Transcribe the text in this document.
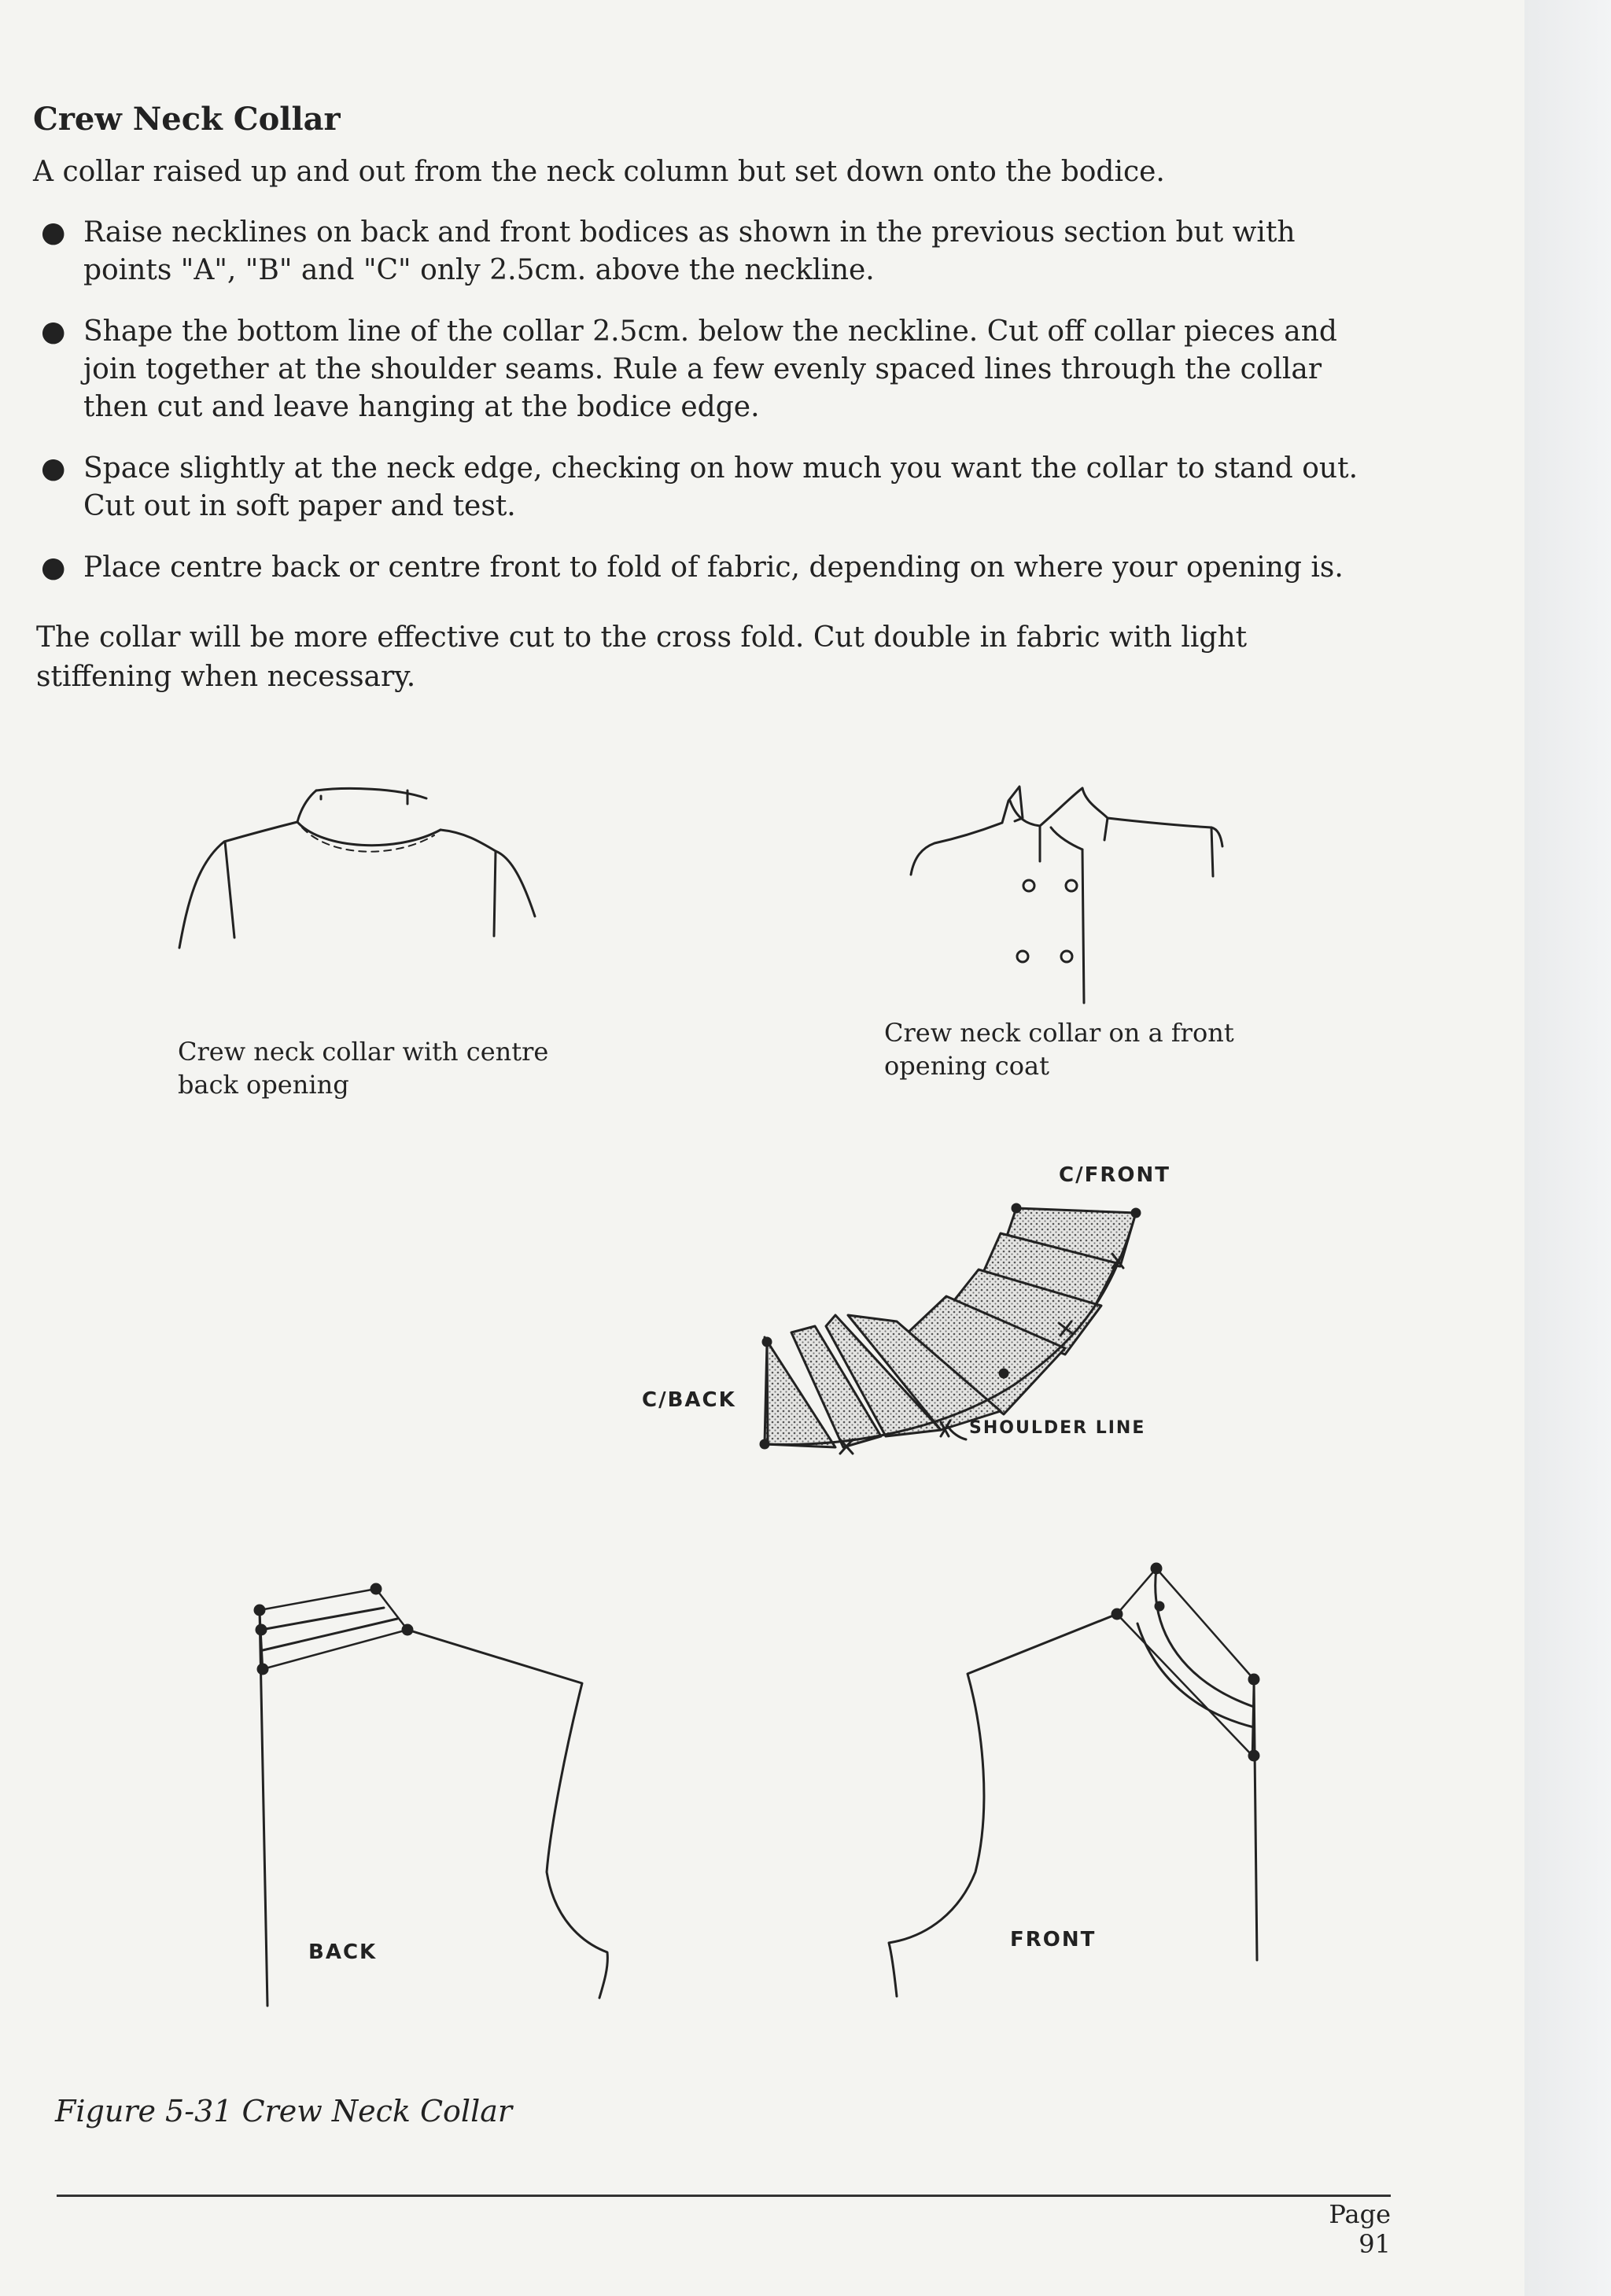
Crew Neck Collar

A collar raised up and out from the neck column but set down onto the bodice.

● Raise necklines on back and front bodices as shown in the previous section but with points "A", "B" and "C" only 2.5cm. above the neckline.
● Shape the bottom line of the collar 2.5cm. below the neckline. Cut off collar pieces and join together at the shoulder seams. Rule a few evenly spaced lines through the collar then cut and leave hanging at the bodice edge.
● Space slightly at the neck edge, checking on how much you want the collar to stand out. Cut out in soft paper and test.
● Place centre back or centre front to fold of fabric, depending on where your opening is.

The collar will be more effective cut to the cross fold. Cut double in fabric with light stiffening when necessary.

C/FRONT
C/BACK
SHOULDER LINE
BACK
FRONT
Crew neck collar with centre back opening
Crew neck collar on a front opening coat
Figure 5-31 Crew Neck Collar
Page 91
